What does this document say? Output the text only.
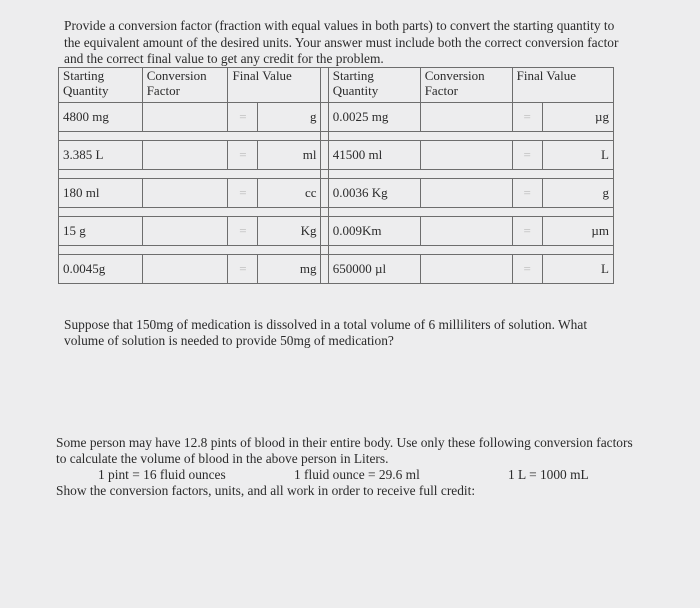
Provide a conversion factor (fraction with equal values in both parts) to convert the starting quantity to the equivalent amount of the desired units. Your answer must include both the correct conversion factor and the correct final value to get any credit for the problem.
Starting Quantity	Conversion Factor	Final Value			Starting Quantity	Conversion Factor	Final Value	
4800 mg		=	g		0.0025 mg		=	µg

3.385 L		=	ml		41500 ml		=	L

180 ml		=	cc		0.0036 Kg		=	g

15 g		=	Kg		0.009Km		=	µm

0.0045g		=	mg		650000 µl		=	L
Suppose that 150mg of medication is dissolved in a total volume of 6 milliliters of solution. What volume of solution is needed to provide 50mg of medication?
Some person may have 12.8 pints of blood in their entire body. Use only these following conversion factors to calculate the volume of blood in the above person in Liters.
1 pint = 16 fluid ounces	1 fluid ounce = 29.6 ml	1 L = 1000 mL
Show the conversion factors, units, and all work in order to receive full credit:
